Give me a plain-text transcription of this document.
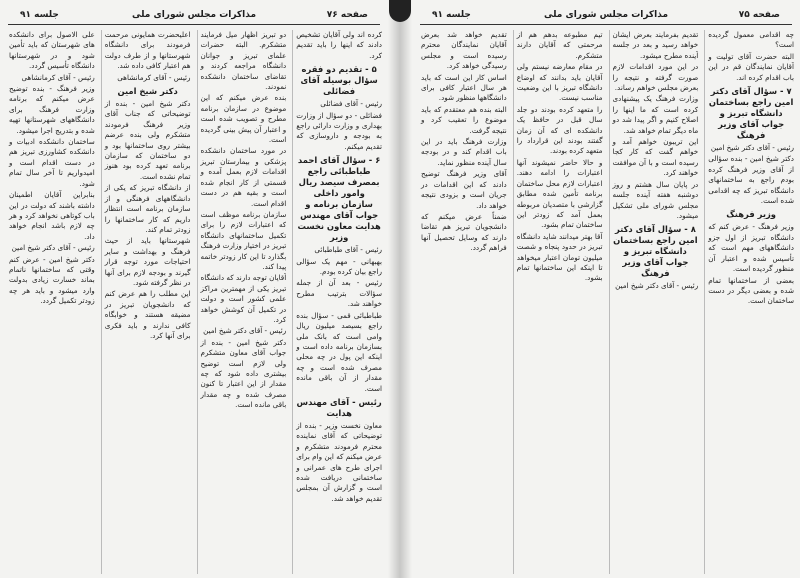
صفحه ۷۶
مذاکرات مجلس شورای ملی
جلسه ۹۱

کرده اند ولی آقایان تشخیص دادند که اینها را باید تقدیم کرد.

۵ - تقدیم دو فقره سؤال بوسیله آقای فضائلی

رئیس - آقای فضائلی

فضائلی - دو سؤال از وزارت بهداری و وزارت دارائی راجع به بودجه و داروسازی که تقدیم میکنم.

۶ - سؤال آقای احمد طباطبائی راجع بمصرف سیصد ریال وامور داخلی سازمان برنامه و جواب آقای مهندس هدایت معاون نخست وزیر

رئیس - آقای طباطبائی

بهبهانی - مهم یک سؤالی راجع بیان کرده بودم.

رئیس - بعد آن از جمله سؤالات بترتیب مطرح خواهند شد.

طباطبائی قمی - سؤال بنده راجع بسیصد میلیون ریال وامی است که بانک ملی بسازمان برنامه داده است و اینکه این پول در چه محلی مصرف شده است و چه مقدار از آن باقی مانده است.

رئیس - آقای مهندس هدایت

معاون نخست وزیر - بنده از توضیحاتی که آقای نماینده محترم فرمودند متشکرم و عرض میکنم که این وام برای اجرای طرح های عمرانی و ساختمانی دریافت شده است و گزارش آن بمجلس تقدیم خواهد شد.

دو تبریز اظهار میل فرمایند متشکرم. البته حضرات علمای تبریز و جوانان دانشگاه مراجعه کردند و تقاضای ساختمان دانشکده نمودند.

بنده عرض میکنم که این موضوع در سازمان برنامه مطرح و تصویب شده است و اعتبار آن پیش بینی گردیده است.

در مورد ساختمان دانشکده پزشکی و بیمارستان تبریز اقدامات لازم بعمل آمده و قسمتی از کار انجام شده است و بقیه هم در دست اقدام است.

سازمان برنامه موظف است که اعتبارات لازم را برای تکمیل ساختمانهای دانشگاه تبریز در اختیار وزارت فرهنگ بگذارد تا این کار زودتر خاتمه پیدا کند.

آقایان توجه دارند که دانشگاه تبریز یکی از مهمترین مراکز علمی کشور است و دولت در تکمیل آن کوشش خواهد کرد.

رئیس - آقای دکتر شیخ امین

دکتر شیخ امین - بنده از جواب آقای معاون متشکرم ولی لازم است توضیح بیشتری داده شود که چه مقدار از این اعتبار تا کنون مصرف شده و چه مقدار باقی مانده است.

اعلیحضرت همایونی مرحمت فرمودند برای دانشگاه شهرستانها و از طرف دولت هم اعتبار کافی داده شد.

رئیس - آقای کرمانشاهی

دکتر شیخ امین

دکتر شیخ امین - بنده از توضیحاتی که جناب آقای وزیر فرهنگ فرمودند متشکرم ولی بنده عرضم بیشتر روی ساختمانها بود و دو ساختمان که سازمان برنامه تعهد کرده بود هنوز تمام نشده است.

از دانشگاه تبریز که یکی از دانشگاههای فرهنگی و از سازمان برنامه است انتظار داریم که کار ساختمانها را زودتر تمام کند.

شهرستانها باید از حیث فرهنگ و بهداشت و سایر احتیاجات مورد توجه قرار گیرند و بودجه لازم برای آنها در نظر گرفته شود.

این مطلب را هم عرض کنم که دانشجویان تبریز در مضیقه هستند و خوابگاه کافی ندارند و باید فکری برای آنها کرد.

علی الاصول برای دانشکده های شهرستان که باید تأمین شود و در شهرستانها دانشگاه تأسیس گردد.

رئیس - آقای کرمانشاهی

وزیر فرهنگ - بنده توضیح عرض میکنم که برنامه وزارت فرهنگ برای دانشگاههای شهرستانها تهیه شده و بتدریج اجرا میشود.

ساختمان دانشکده ادبیات و دانشکده کشاورزی تبریز هم در دست اقدام است و امیدواریم تا آخر سال تمام شود.

بنابراین آقایان اطمینان داشته باشند که دولت در این باب کوتاهی نخواهد کرد و هر چه لازم باشد انجام خواهد داد.

رئیس - آقای دکتر شیخ امین

دکتر شیخ امین - عرض کنم وقتی که ساختمانها ناتمام بماند خسارت زیادی بدولت وارد میشود و باید هر چه زودتر تکمیل گردد.

صفحه ۷۵
مذاکرات مجلس شورای ملی
جلسه ۹۱

چه اقدامی معمول گردیده است؟

البته حضرت آقای تولیت و آقایان نمایندگان قم در این باب اقدام کرده اند.

۷ - سؤال آقای دکتر امین راجع بساختمان دانشگاه تبریز و جواب آقای وزیر فرهنگ

رئیس - آقای دکتر شیخ امین

دکتر شیخ امین - بنده سؤالی از آقای وزیر فرهنگ کرده بودم راجع به ساختمانهای دانشگاه تبریز که چه اقدامی شده است.

وزیر فرهنگ

وزیر فرهنگ - عرض کنم که دانشگاه تبریز از اول جزو دانشگاههای مهم است که تأسیس شده و اعتبار آن منظور گردیده است.

بعضی از ساختمانها تمام شده و بعضی دیگر در دست ساختمان است.

تقدیم بفرمایند بعرض ایشان خواهد رسید و بعد در جلسه آینده مطرح میشود.

در این مورد اقدامات لازم صورت گرفته و نتیجه را بعرض مجلس خواهم رساند.

وزارت فرهنگ یک پیشنهادی کرده است که ما اینها را اصلاح کنیم و اگر پیدا شد دو ماه دیگر تمام خواهد شد.

این تریبون خواهم آمد و خواهم گفت که کار کجا رسیده است و با آن موافقت خواهند کرد.

در پایان سال هشتم و روز دوشنبه هفته آینده جلسه مجلس شورای ملی تشکیل میشود.

۸ - سؤال آقای دکتر امین راجع بساختمان دانشگاه تبریز و جواب آقای وزیر فرهنگ

رئیس - آقای دکتر شیخ امین

تیم مطبوعه بدهم هم از مرحمتی که آقایان دارند متشکرم.

در مقام معارضه نیستم ولی آقایان باید بدانند که اوضاع دانشگاه تبریز با این وضعیت مناسب نیست.

را متعهد کرده بودند دو جلد سال قبل در حافظ یک دانشکده ای که آن زمان گفتند بودند این قرارداد را متعهد کرده بودند.

و حالا حاضر نمیشوند آنها اعتبارات را ادامه دهند. اعتبارات لازم محل ساختمان برنامه تأمین شده مطابق گزارشی با متصدیان مربوطه بعمل آمد که زودتر این ساختمان تمام بشود.

آقا بهتر میدانند شاید دانشگاه تبریز در حدود پنجاه و شصت میلیون تومان اعتبار میخواهد تا اینکه این ساختمانها تمام بشود.

تقدیم خواهد شد بعرض آقایان نمایندگان محترم رسیده است و مجلس رسیدگی خواهد کرد.

اساس کار این است که باید هر سال اعتبار کافی برای دانشگاهها منظور شود.

البته بنده هم معتقدم که باید موضوع را تعقیب کرد و نتیجه گرفت.

وزارت فرهنگ باید در این باب اقدام کند و در بودجه سال آینده منظور نماید.

آقای وزیر فرهنگ توضیح دادند که این اقدامات در جریان است و بزودی نتیجه خواهد داد.

ضمناً عرض میکنم که دانشجویان تبریز هم تقاضا دارند که وسایل تحصیل آنها فراهم گردد.
